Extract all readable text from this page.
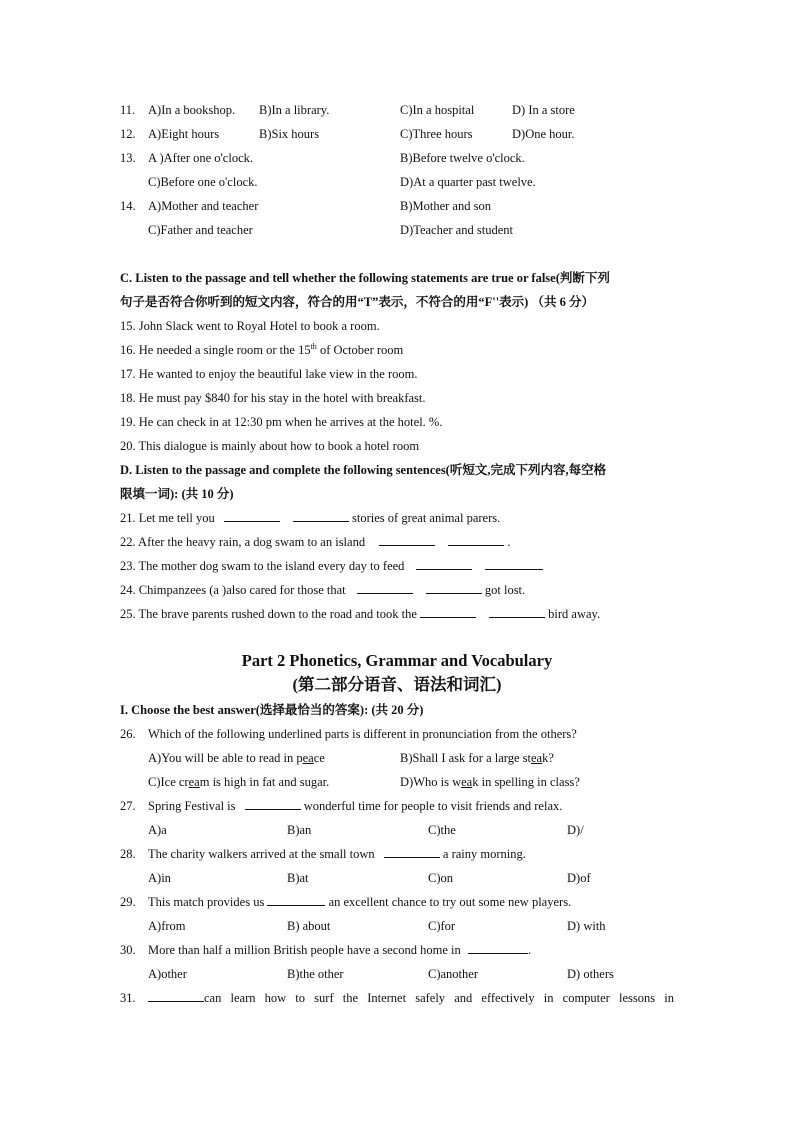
11. A)In a bookshop. B)In a library.	C)In a hospital	D) In a store
12. A)Eight hours	B)Six hours	C)Three hours	D)One hour.
13. A )After one o'clock.	B)Before twelve o'clock.
C)Before one o'clock.	D)At a quarter past twelve.
14. A)Mother and teacher	B)Mother and son
C)Father and teacher	D)Teacher and student
C. Listen to the passage and tell whether the following statements are true or false(判断下列
句子是否符合你听到的短文内容，符合的用“T”表示，不符合的用“F''表示) （共 6 分）
15. John Slack went to Royal Hotel to book a room.
16. He needed a single room or the 15th of October room
17. He wanted to enjoy the beautiful lake view in the room.
18. He must pay $840 for his stay in the hotel with breakfast.
19. He can check in at 12:30 pm when he arrives at the hotel. %.
20. This dialogue is mainly about how to book a hotel room
D. Listen to the passage and complete the following sentences(听短文,完成下列内容,每空格
限填一词): (共 10 分)
21. Let me tell you	stories of great animal parers.
22. After the heavy rain, a dog swam to an island	.
23. The mother dog swam to the island every day to feed
24. Chimpanzees (a )also cared for those that	got lost.
25. The brave parents rushed down to the road and took the	bird away.
Part 2 Phonetics, Grammar and Vocabulary
(第二部分语音、语法和词汇)
I. Choose the best answer(选择最恰当的答案): (共 20 分)
26. Which of the following underlined parts is different in pronunciation from the others?
A)You will be able to read in peace	B)Shall I ask for a large steak?
C)Ice cream is high in fat and sugar.	D)Who is weak in spelling in class?
27. Spring Festival is	wonderful time for people to visit friends and relax.
A)a	B)an	C)the	D)/
28. The charity walkers arrived at the small town	a rainy morning.
A)in	B)at	C)on	D)of
29. This match provides us	an excellent chance to try out some new players.
A)from	B) about	C)for	D) with
30. More than half a million British people have a second home in	.
A)other	B)the other	C)another	D) others
31.	can learn how to surf the Internet safely and effectively in computer lessons in
